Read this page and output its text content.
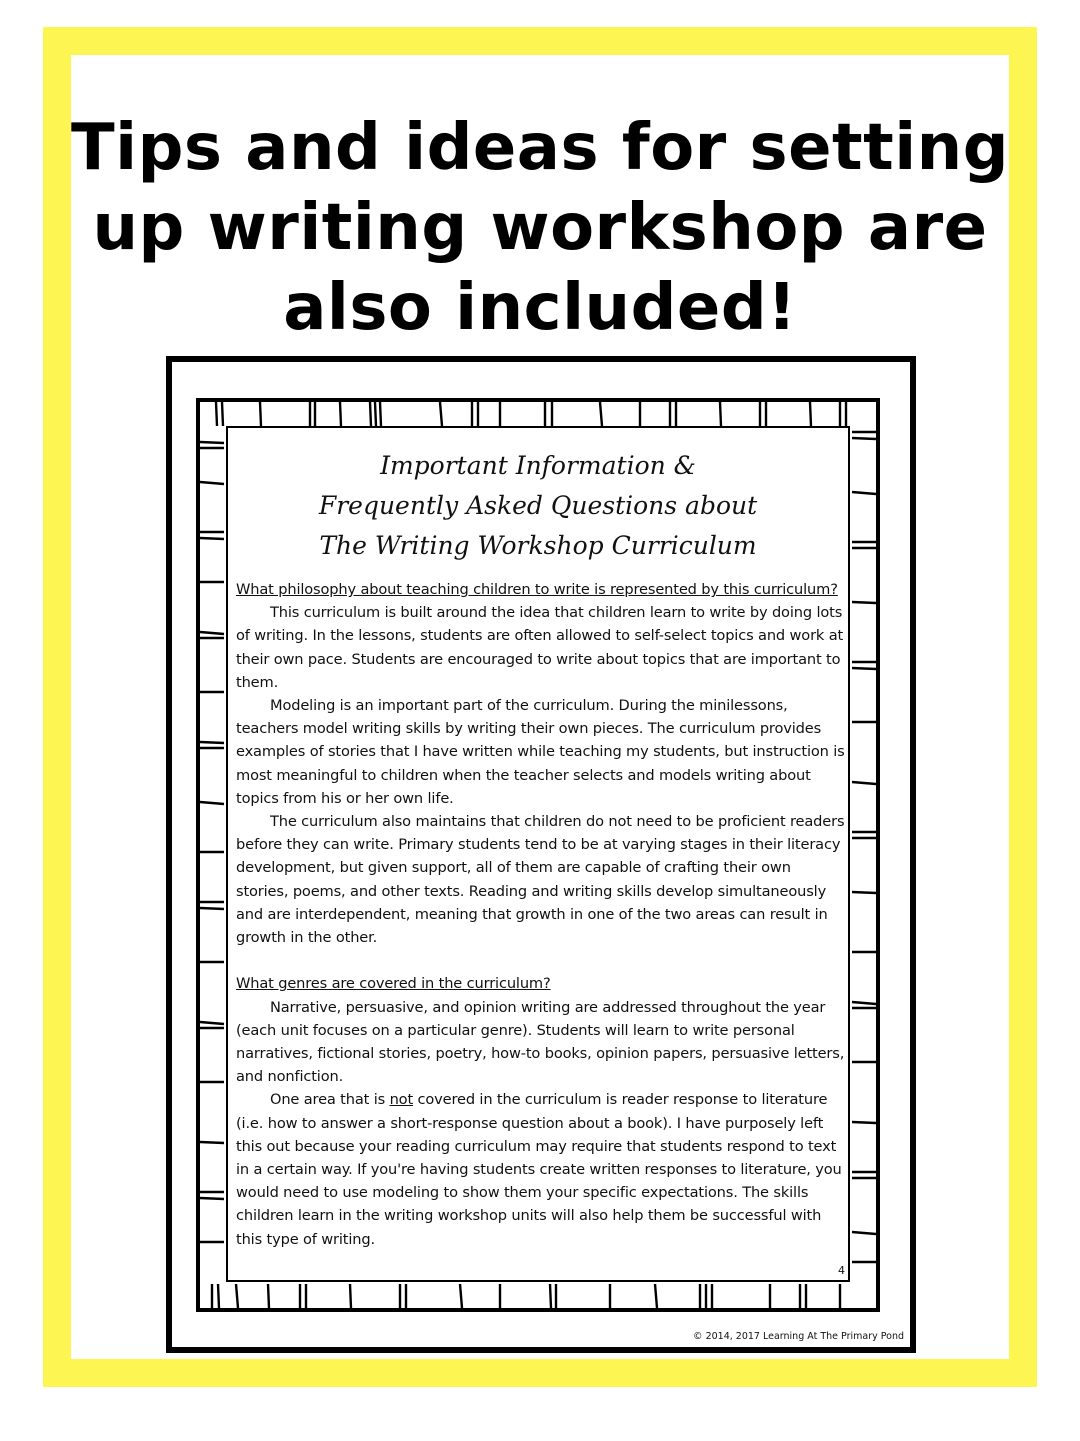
Tips and ideas for setting
up writing workshop are
also included!
Important Information &
Frequently Asked Questions about
The Writing Workshop Curriculum

What philosophy about teaching children to write is represented by this curriculum?

This curriculum is built around the idea that children learn to write by doing lots of writing. In the lessons, students are often allowed to self-select topics and work at their own pace. Students are encouraged to write about topics that are important to them.

Modeling is an important part of the curriculum. During the minilessons, teachers model writing skills by writing their own pieces. The curriculum provides examples of stories that I have written while teaching my students, but instruction is most meaningful to children when the teacher selects and models writing about topics from his or her own life.

The curriculum also maintains that children do not need to be proficient readers before they can write. Primary students tend to be at varying stages in their literacy development, but given support, all of them are capable of crafting their own stories, poems, and other texts. Reading and writing skills develop simultaneously and are interdependent, meaning that growth in one of the two areas can result in growth in the other.

What genres are covered in the curriculum?

Narrative, persuasive, and opinion writing are addressed throughout the year (each unit focuses on a particular genre). Students will learn to write personal narratives, fictional stories, poetry, how-to books, opinion papers, persuasive letters, and nonfiction.

One area that is not covered in the curriculum is reader response to literature (i.e. how to answer a short-response question about a book). I have purposely left this out because your reading curriculum may require that students respond to text in a certain way. If you're having students create written responses to literature, you would need to use modeling to show them your specific expectations. The skills children learn in the writing workshop units will also help them be successful with this type of writing.

4
© 2014, 2017 Learning At The Primary Pond
